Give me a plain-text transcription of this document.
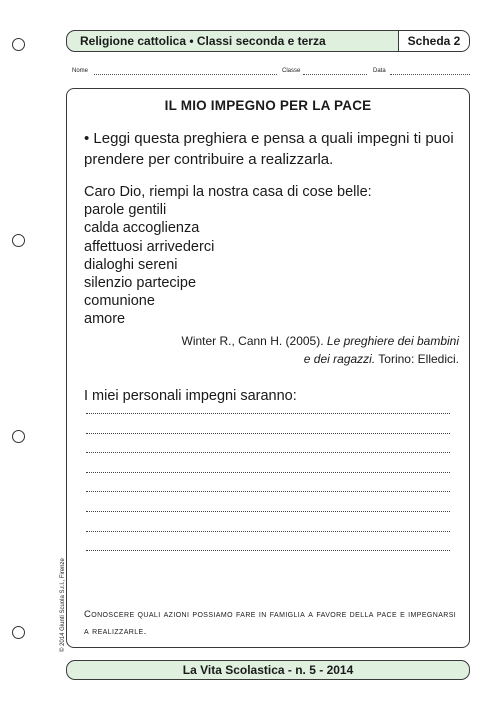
Religione cattolica • Classi seconda e terza	Scheda 2
Nome	Classe	Data
IL MIO IMPEGNO PER LA PACE
• Leggi questa preghiera e pensa a quali impegni ti puoi prendere per contribuire a realizzarla.
Caro Dio, riempi la nostra casa di cose belle:
parole gentili
calda accoglienza
affettuosi arrivederci
dialoghi sereni
silenzio partecipe
comunione
amore
Winter R., Cann H. (2005). Le preghiere dei bambini
e dei ragazzi. Torino: Elledici.
I miei personali impegni saranno:
Conoscere quali azioni possiamo fare in famiglia a favore della pace e impegnarsi a realizzarle.
La Vita Scolastica - n. 5 - 2014
© 2014 Giunti Scuola S.r.l., Firenze
